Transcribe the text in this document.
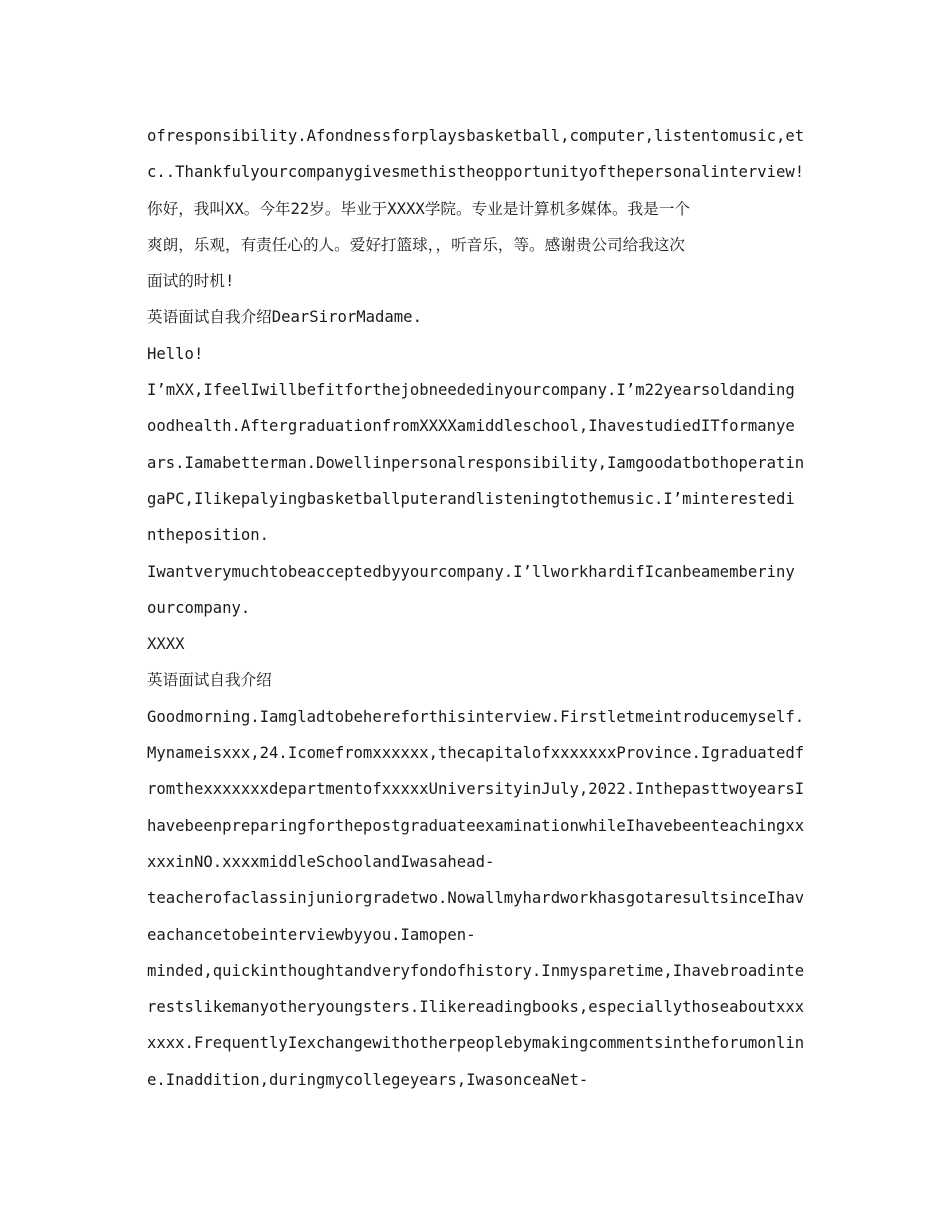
ofresponsibility.Afondnessforplaysbasketball,computer,listentomusic,et
c..Thankfulyourcompanygivesmethistheopportunityofthepersonalinterview!
你好，我叫XX。今年22岁。毕业于XXXX学院。专业是计算机多媒体。我是一个
爽朗，乐观，有责任心的人。爱好打篮球，，听音乐，等。感谢贵公司给我这次
面试的时机!
英语面试自我介绍DearSirorMadame.
Hello!
I’mXX,IfeelIwillbefitforthejobneededinyourcompany.I’m22yearsoldanding
oodhealth.AftergraduationfromXXXXamiddleschool,IhavestudiedITformanye
ars.Iamabetterman.Dowellinpersonalresponsibility,Iamgoodatbothoperatin
gaPC,Ilikepalyingbasketballputerandlisteningtothemusic.I’minterestedi
ntheposition.
Iwantverymuchtobeacceptedbyyourcompany.I’llworkhardifIcanbeamemberiny
ourcompany.
XXXX
英语面试自我介绍
Goodmorning.Iamgladtobehereforthisinterview.Firstletmeintroducemyself.
Mynameisxxx,24.Icomefromxxxxxx,thecapitalofxxxxxxxProvince.Igraduatedf
romthexxxxxxxdepartmentofxxxxxUniversityinJuly,2022.InthepasttwoyearsI
havebeenpreparingforthepostgraduateexaminationwhileIhavebeenteachingxx
xxxinNO.xxxxmiddleSchoolandIwasahead-
teacherofaclassinjuniorgradetwo.NowallmyhardworkhasgotaresultsinceIhav
eachancetobeinterviewbyyou.Iamopen-
minded,quickinthoughtandveryfondofhistory.Inmysparetime,Ihavebroadinte
restslikemanyotheryoungsters.Ilikereadingbooks,especiallythoseaboutxxx
xxxx.FrequentlyIexchangewithotherpeoplebymakingcommentsintheforumonlin
e.Inaddition,duringmycollegeyears,IwasonceaNet-
